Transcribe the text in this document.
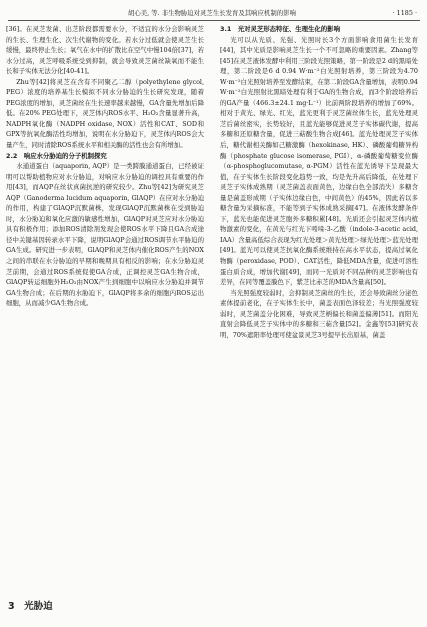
胡心美, 等. 非生物胁迫对灵芝生长发育及其响应机制的影响	· 1185 ·

[36]。在灵芝发菌、出芝阶段都需要水分，不适宜的水分会影响灵芝的生长、生理生化、次生代谢物的变化。若水分过低就会使灵芝生长缓慢，最终停止生长；氧气在水中的扩散比在空气中慢104倍[37]，若水分过高，灵芝呼吸系统受到抑制，就会导致灵芝菌丝缺氧而不能生长和子实体无法分化[40-41]。

Zhu等[42]将灵芝在含有不同聚乙二醇（polyethylene glycol, PEG）浓度的培养基生长模拟不同水分胁迫的生长研究发现，随着PEG浓度的增加，灵芝菌丝在生长速率越来越慢，GA含量先增加后降低。在20% PEG处理下，灵芝体内ROS水平、H₂O₂含量显著升高，NADPH氧化酶（NADPH oxidase, NOX）活性和CAT、SOD和GPX等抗氧化酶活性均增加，说明在水分胁迫下，灵芝体内ROS会大量产生，同时清除ROS系统水平和相关酶的活性也会有所增加。

2.2　响应水分胁迫的分子机制探究

水通道蛋白（aquaporin, AQP）是一类跨膜通道蛋白，已经被证明可以帮助植物应对水分胁迫，对响应水分胁迫的调控具有重要的作用[43]，而AQP在丝状真菌抗逆的研究较少。Zhu等[42]为研究灵芝AQP（Ganoderma lucidum aquaporin, GlAQP）在应对水分胁迫的作用，构建了GlAQP沉默菌株，发现GlAQP沉默菌株在受到胁迫时，水分胁迫和氧化应激的敏感性增加，GlAQP对灵芝应对水分胁迫具有积极作用；添加ROS清除剂发现会使ROS水平下降且GA合成途径中关键基因转录水平下降，说明GlAQP会通过ROS调节水平胁迫的GA生成。研究进一步表明，GlAQP和灵芝体内催化ROS产生的NOX之间的串联在水分胁迫的早期和晚期具有相反的影响；在水分胁迫灵芝前期，会通过ROS系统促使GA合成，正调控灵芝GA生物合成，GlAQP转运细胞外H₂O₂由NOX产生到细胞中以响应水分胁迫并调节GA生物合成；在后期的水胁迫下，GlAQP将多余的细胞内ROS运出细胞，从而减少GA生物合成。

3.1　光对灵芝形态特征、生理生化的影响

光可以从光质、光强、光照时长3个方面影响食用菌生长发育[44]，其中光质是影响灵芝生长一个不可忽略的重要因素。Zhang等[45]在灵芝液体发酵中利用三阶段光照策略，第一阶段是2 d的黑暗处理，第二阶段是6 d 0.94 W·m⁻²白光照射培养，第三阶段为4.70 W·m⁻²白光照射培养至发酵结束，在第二阶段GA含量增加，表明0.94 W·m⁻²白光照射比黑暗处理有利于GA的生物合成，而3个阶段培养后的GA产量（466.3±24.1 mg·L⁻¹）比前两阶段培养的增加了69%。相对于黄光、绿光、红光，蓝光更利于灵芝菌丝体生长，蓝光处理灵芝后菌丝密实，长势较好，且蓝光能够促进灵芝子实体碳代谢，提高多糖和还原糖含量，促进三萜酸生物合成[46]。蓝光处理灵芝子实体后，糖代谢相关酶如己糖激酶（hexokinase, HK）、磷酸葡萄糖异构酶（phosphate glucose isomerase, PGI）、α-磷酸葡萄糖变位酶（α-phosphoglucomutase, α-PGM）活性在蓝光诱导下呈现最大值，在子实体生长阶段变化趋势一致，均是先升高后降低，在处理下灵芝子实体成熟期（灵芝菌盖表面黄色，边缘白色全部消失）多糖含量是菌盖形成期（子实体边缘白色，中间黄色）的45%，因此若以多糖含量为采摘标准，不能等到子实体成熟采摘[47]。在液体发酵条件下，蓝光也能促进灵芝胞外多糖积累[48]。光质还会引起灵芝体内植物激素的变化，在黄光与红光下吲哚-3-乙酸（indole-3-acetic acid, IAA）含量高低综合表现为红光处理＞黄光处理＞绿光处理＞蓝光处理[49]。蓝光可以使灵芝抗氧化酶系统维持在高水平状态，提高过氧化物酶（peroxidase, POD）、CAT活性，降低MDA含量，促进可溶性蛋白质合成，增加代谢[49]，而同一光质对不同品种的灵芝影响也有差异，在同等覆盖膜色下，紫芝比赤芝的MDA含量高[50]。

当光照强度较弱时，会抑制灵芝菌丝的生长，还会导致菌丝分泌色素体提前老化，在子实体生长中，菌盖表面色泽较差；当光照强度较弱时，灵芝菌盖分化困难，导致灵芝柄偏长和菌盖偏薄[51]。而阳光直射会降低灵芝子实体中的多糖和三萜含量[52]。金鑫等[53]研究表明，70%遮阳率处理可使盆景灵芝3号提早长出原基，菌盖

3　光胁迫
